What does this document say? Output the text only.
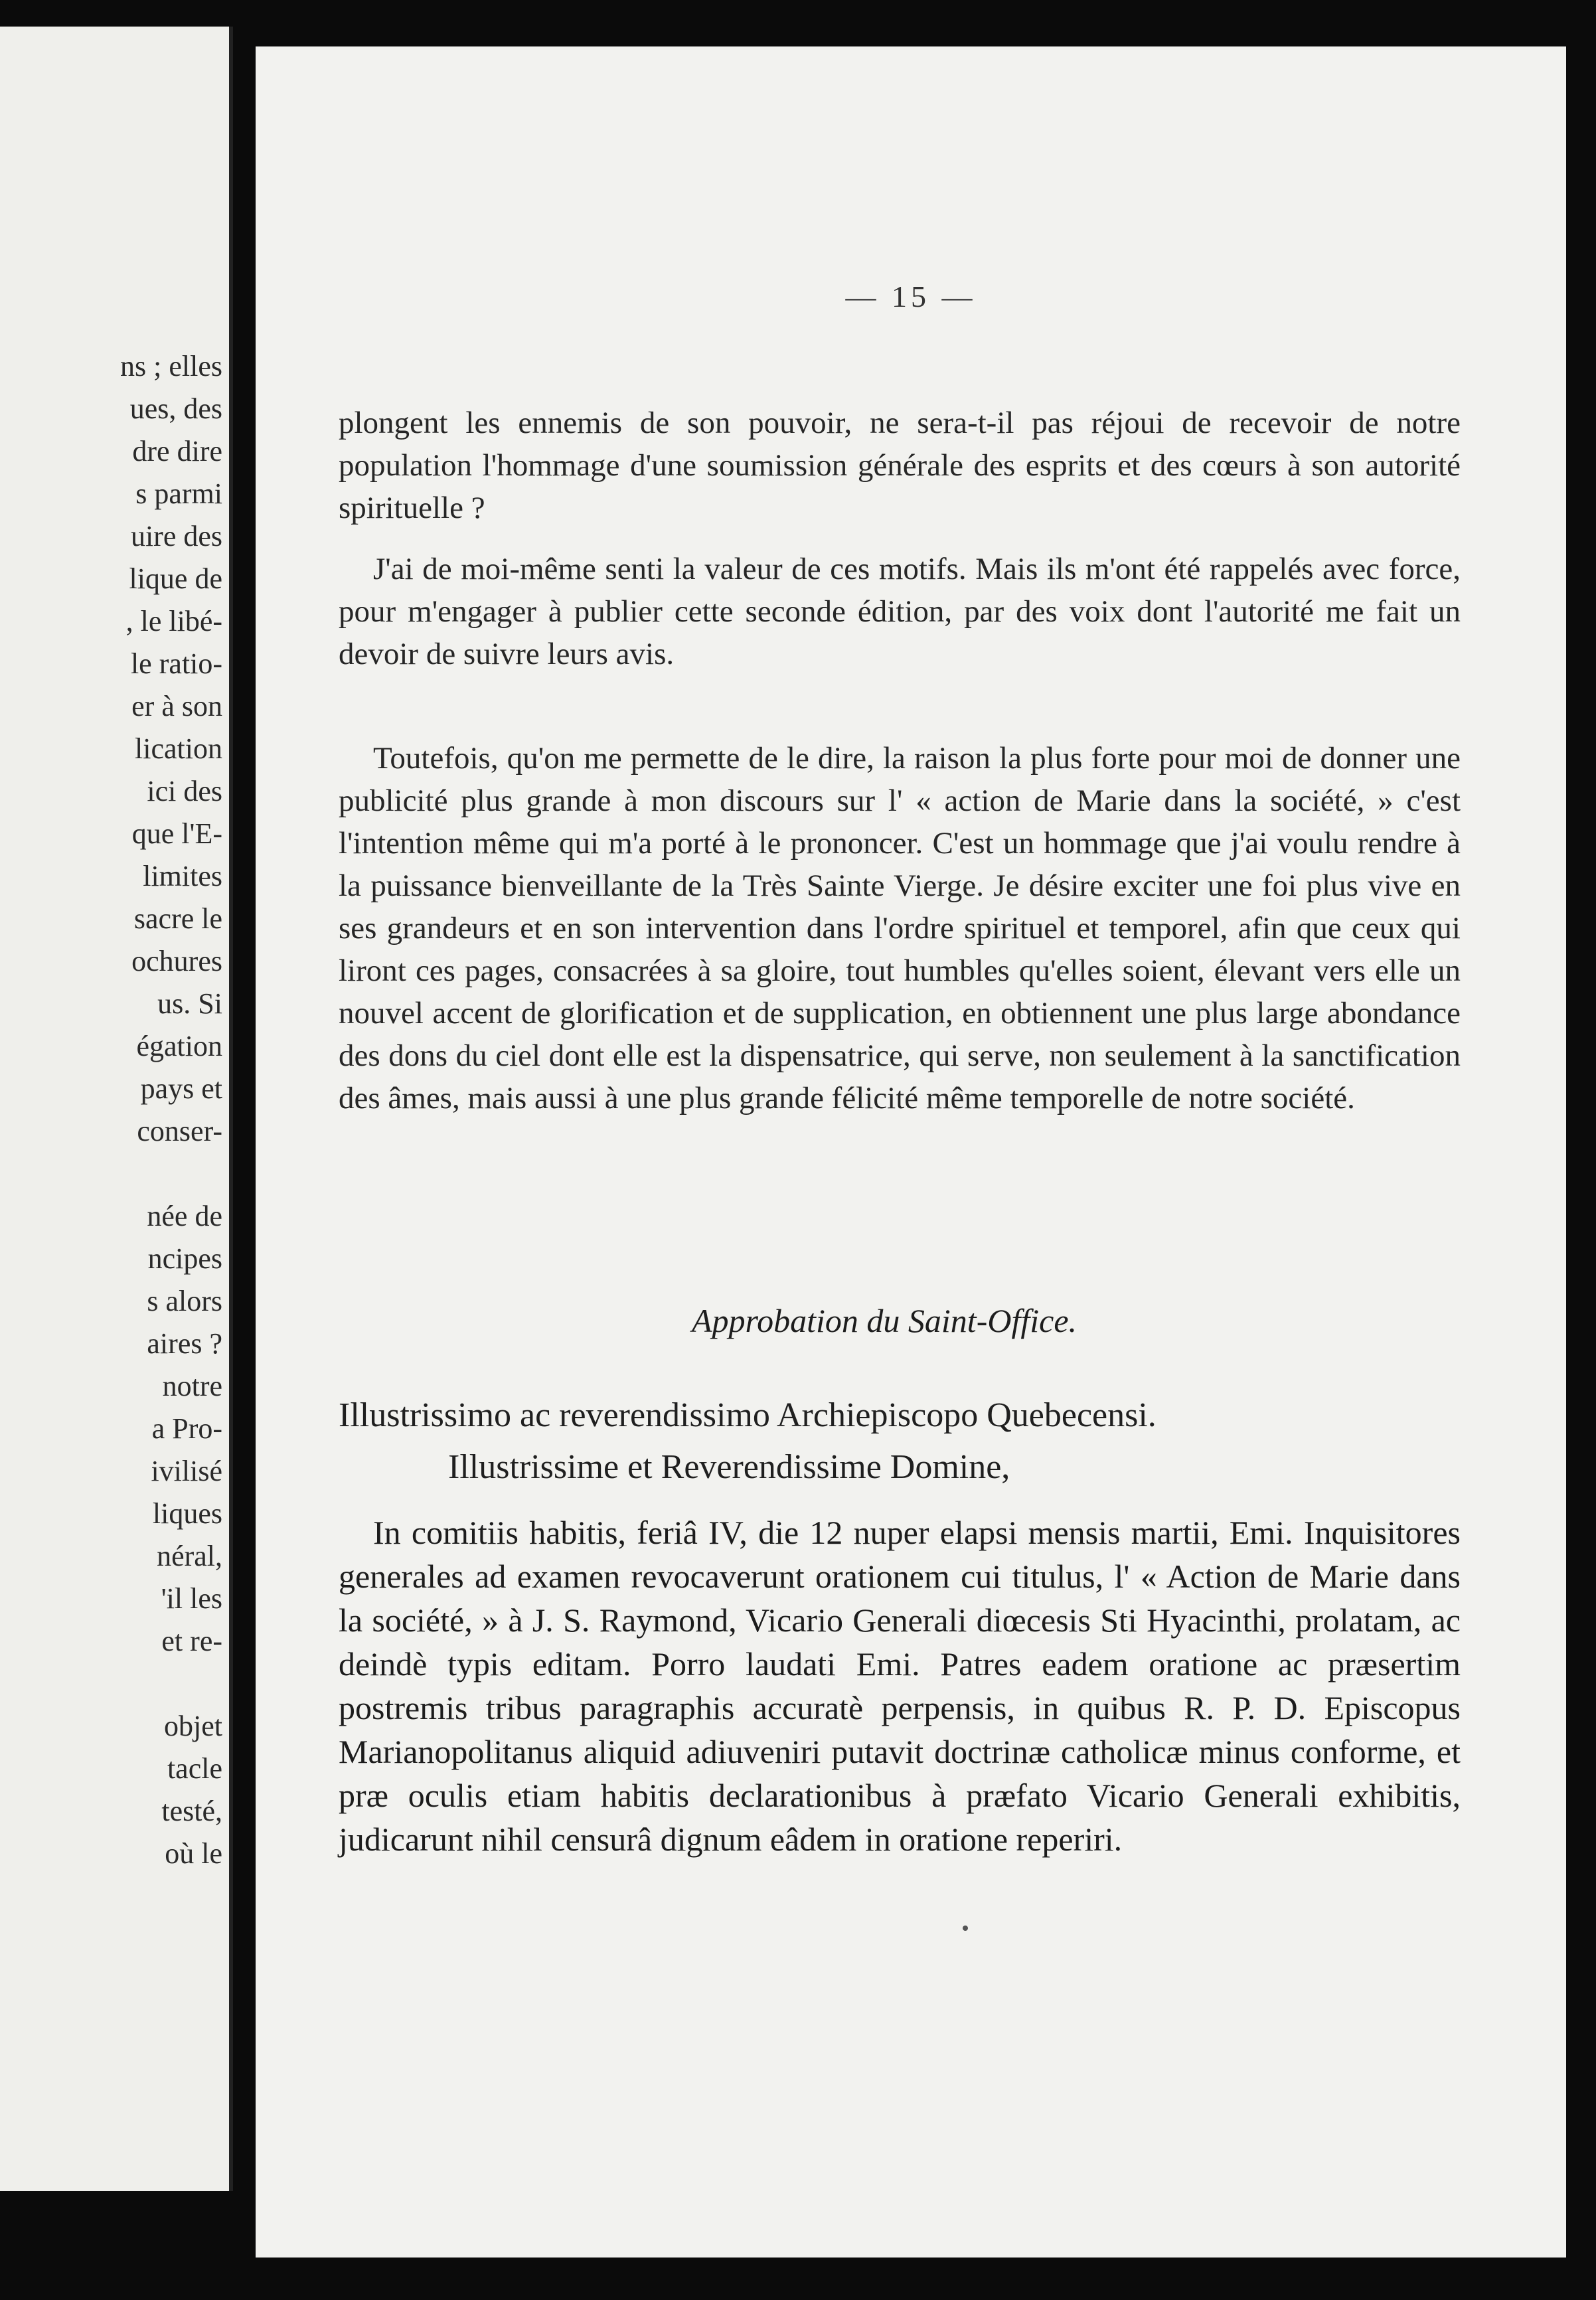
ns ; elles
ues, des
dre dire
s parmi
uire des
lique de
, le libé-
le ratio-
er à son
lication
ici des
que l'E-
limites
sacre le
ochures
us. Si
égation
pays et
conser-
née de
ncipes
s alors
aires ?
notre
a Pro-
ivilisé
liques
néral,
'il les
et re-
objet
tacle
testé,
où le
— 15 —

plongent les ennemis de son pouvoir, ne sera-t-il pas réjoui de recevoir de notre population l'hommage d'une soumission générale des esprits et des cœurs à son autorité spirituelle ?

J'ai de moi-même senti la valeur de ces motifs. Mais ils m'ont été rappelés avec force, pour m'engager à publier cette seconde édition, par des voix dont l'autorité me fait un devoir de suivre leurs avis.

Toutefois, qu'on me permette de le dire, la raison la plus forte pour moi de donner une publicité plus grande à mon discours sur l' « action de Marie dans la société, » c'est l'intention même qui m'a porté à le prononcer. C'est un hommage que j'ai voulu rendre à la puissance bienveillante de la Très Sainte Vierge. Je désire exciter une foi plus vive en ses grandeurs et en son intervention dans l'ordre spirituel et temporel, afin que ceux qui liront ces pages, consacrées à sa gloire, tout humbles qu'elles soient, élevant vers elle un nouvel accent de glorification et de supplication, en obtiennent une plus large abondance des dons du ciel dont elle est la dispensatrice, qui serve, non seulement à la sanctification des âmes, mais aussi à une plus grande félicité même temporelle de notre société.

Approbation du Saint-Office.

Illustrissimo ac reverendissimo Archiepiscopo Quebecensi.

Illustrissime et Reverendissime Domine,

In comitiis habitis, feriâ IV, die 12 nuper elapsi mensis martii, Emi. Inquisitores generales ad examen revocaverunt orationem cui titulus, l' « Action de Marie dans la société, » à J. S. Raymond, Vicario Generali diœcesis Sti Hyacinthi, prolatam, ac deindè typis editam. Porro laudati Emi. Patres eadem oratione ac præsertim postremis tribus paragraphis accuratè perpensis, in quibus R. P. D. Episcopus Marianopolitanus aliquid adiuveniri putavit doctrinæ catholicæ minus conforme, et præ oculis etiam habitis declarationibus à præfato Vicario Generali exhibitis, judicarunt nihil censurâ dignum eâdem in oratione reperiri.
